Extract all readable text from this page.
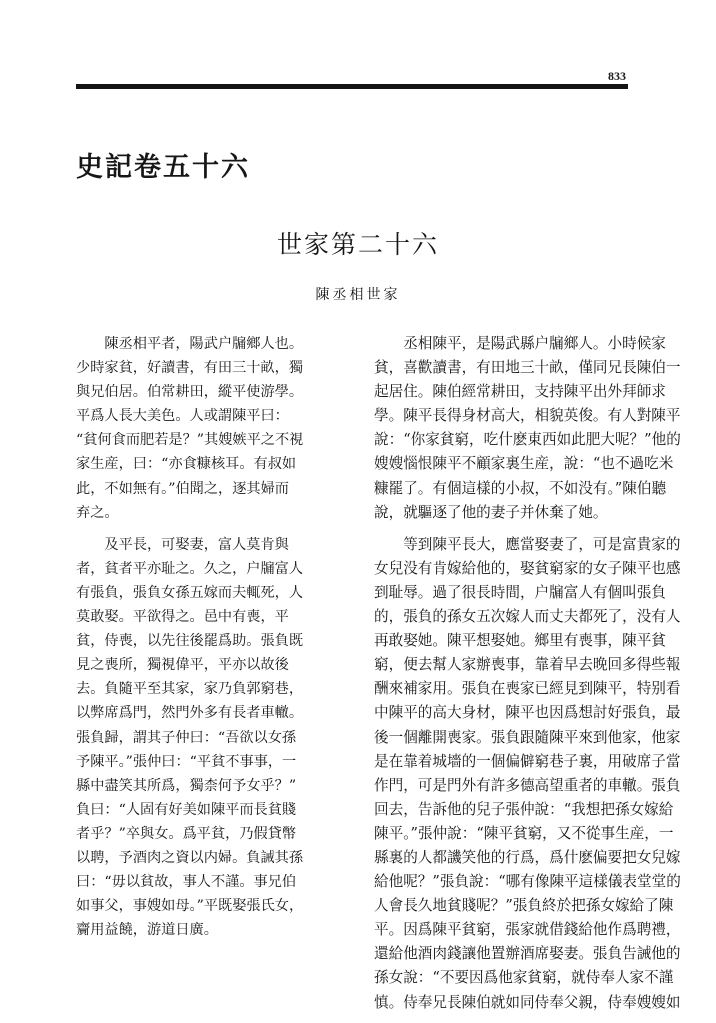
833
史記卷五十六
世家第二十六
陳丞相世家
　　陳丞相平者，陽武户牖鄉人也。
少時家貧，好讀書，有田三十畝，獨
與兄伯居。伯常耕田，縱平使游學。
平爲人長大美色。人或謂陳平曰：
“貧何食而肥若是？”其嫂嫉平之不視
家生産，曰：“亦食糠核耳。有叔如
此，不如無有。”伯聞之，逐其婦而
弃之。
　　及平長，可娶妻，富人莫肯與
者，貧者平亦耻之。久之，户牖富人
有張負，張負女孫五嫁而夫輒死，人
莫敢娶。平欲得之。邑中有喪，平
貧，侍喪，以先往後罷爲助。張負既
見之喪所，獨視偉平，平亦以故後
去。負隨平至其家，家乃負郭窮巷，
以弊席爲門，然門外多有長者車轍。
張負歸，謂其子仲曰：“吾欲以女孫
予陳平。”張仲曰：“平貧不事事，一
縣中盡笑其所爲，獨柰何予女乎？”
負曰：“人固有好美如陳平而長貧賤
者乎？”卒與女。爲平貧，乃假貸幣
以聘，予酒肉之資以内婦。負誡其孫
曰：“毋以貧故，事人不謹。事兄伯
如事父，事嫂如母。”平既娶張氏女，
齎用益饒，游道日廣。
　　丞相陳平，是陽武縣户牖鄉人。小時候家
貧，喜歡讀書，有田地三十畝，僅同兄長陳伯一
起居住。陳伯經常耕田，支持陳平出外拜師求
學。陳平長得身材高大，相貌英俊。有人對陳平
說：“你家貧窮，吃什麽東西如此肥大呢？”他的
嫂嫂惱恨陳平不顧家裏生産，說：“也不過吃米
糠罷了。有個這樣的小叔，不如没有。”陳伯聽
說，就驅逐了他的妻子并休棄了她。
　　等到陳平長大，應當娶妻了，可是富貴家的
女兒没有肯嫁給他的，娶貧窮家的女子陳平也感
到耻辱。過了很長時間，户牖富人有個叫張負
的，張負的孫女五次嫁人而丈夫都死了，没有人
再敢娶她。陳平想娶她。鄉里有喪事，陳平貧
窮，便去幫人家辦喪事，靠着早去晚回多得些報
酬來補家用。張負在喪家已經見到陳平，特别看
中陳平的高大身材，陳平也因爲想討好張負，最
後一個離開喪家。張負跟隨陳平來到他家，他家
是在靠着城墻的一個偏僻窮巷子裏，用破席子當
作門，可是門外有許多德高望重者的車轍。張負
回去，告訴他的兒子張仲說：“我想把孫女嫁給
陳平。”張仲說：“陳平貧窮，又不從事生産，一
縣裏的人都譏笑他的行爲，爲什麽偏要把女兒嫁
給他呢？”張負說：“哪有像陳平這樣儀表堂堂的
人會長久地貧賤呢？”張負終於把孫女嫁給了陳
平。因爲陳平貧窮，張家就借錢給他作爲聘禮，
還給他酒肉錢讓他置辦酒席娶妻。張負告誡他的
孫女說：“不要因爲他家貧窮，就侍奉人家不謹
慎。侍奉兄長陳伯就如同侍奉父親，侍奉嫂嫂如
